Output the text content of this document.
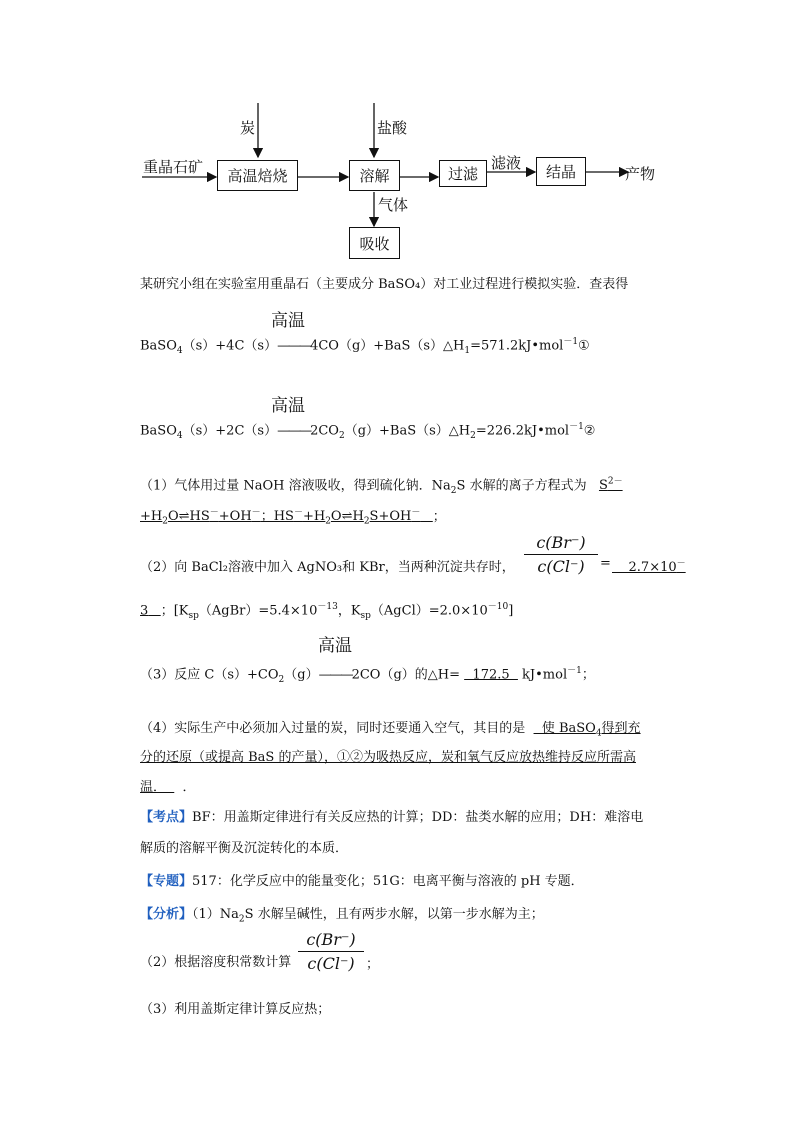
重晶石矿	高温焙烧
炭	盐酸
溶解
气体
吸收
过滤
滤液	结晶	产物
某研究小组在实验室用重晶石（主要成分 BaSO₄）对工业过程进行模拟实验．查表得
高温
$BaSO_4(s)+4C(s)———4CO(g)+BaS(s)\triangle H_1=571.2kJ•mol^{-1}①$
高温
$BaSO_4(s)+2C(s)———2CO_2(g)+BaS(s)\triangle H_2=226.2kJ•mol^{-1}②$
（1）气体用过量 NaOH 溶液吸收，得到硫化钠．$Na_2S$ 水解的离子方程式为   $S^{2-}$
$+H_2O\rightleftharpoons HS^-+OH^-$；$HS^-+H_2O\rightleftharpoons H_2S+OH^-$ ；
（2）向 BaCl₂溶液中加入 AgNO₃和 KBr，当两种沉淀共存时，
c(Br⁻)
c(Cl⁻)	= 2.7×10－
3 ；[$K_{sp}(AgBr)=5.4\times 10^{-13}$，$K_{sp}(AgCl)=2.0\times 10^{-10}$]
高温
（3）反应 $C(s)+CO_2(g)———2CO(g)$的△H=   172.5   kJ•mol$^{-1}$；
（4）实际生产中必须加入过量的炭，同时还要通入空气，其目的是    使 BaSO$_4$得到充
分的还原（或提高 BaS 的产量），①②为吸热反应，炭和氧气反应放热维持反应所需高
温．    ．
【考点】BF：用盖斯定律进行有关反应热的计算；DD：盐类水解的应用；DH：难溶电
解质的溶解平衡及沉淀转化的本质．
【专题】517：化学反应中的能量变化；51G：电离平衡与溶液的 pH 专题．
【分析】$(1)Na_2S$ 水解呈碱性，且有两步水解，以第一步水解为主；
（2）根据溶度积常数计算
c(Br⁻)
c(Cl⁻) ；
（3）利用盖斯定律计算反应热；
